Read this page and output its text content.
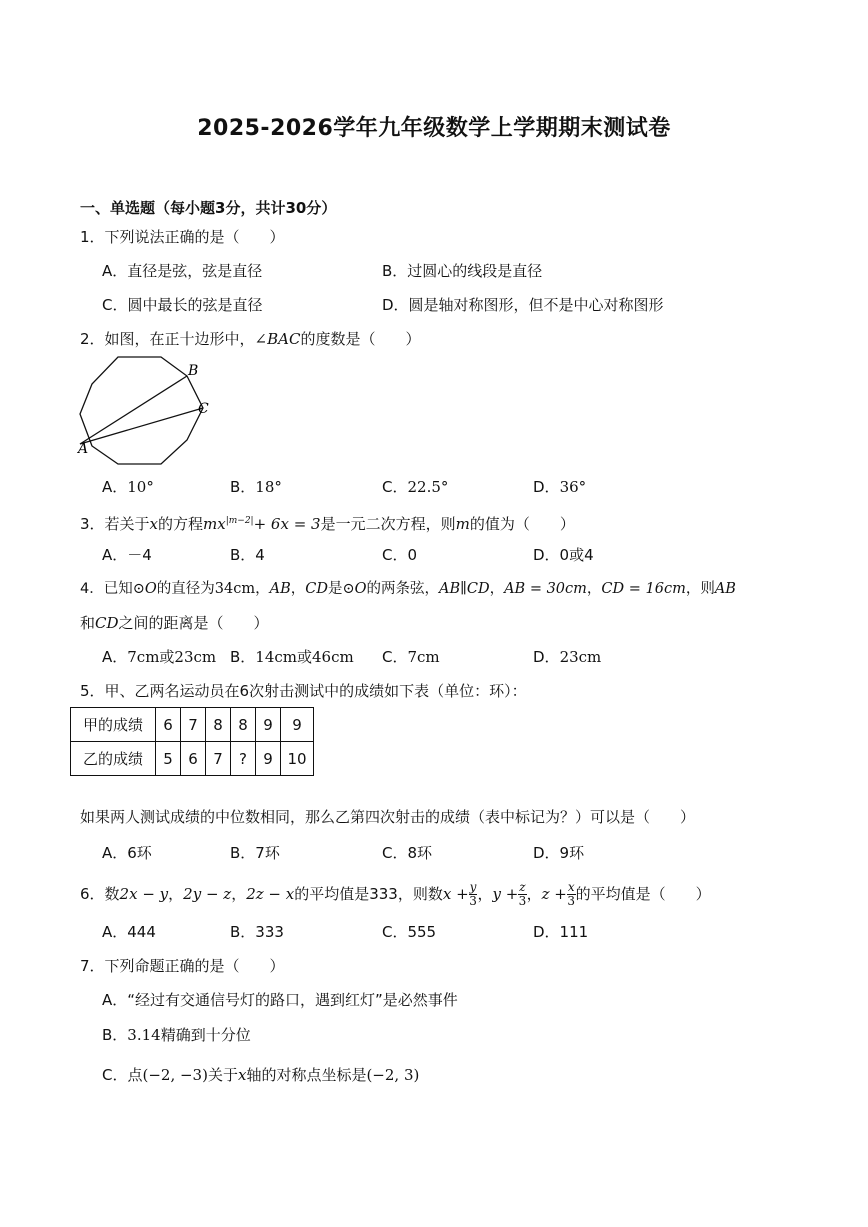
2025-2026学年九年级数学上学期期末测试卷
一、单选题（每小题3分，共计30分）
1．下列说法正确的是（　　）
A．直径是弦，弦是直径	B．过圆心的线段是直径
C．圆中最长的弦是直径	D．圆是轴对称图形，但不是中心对称图形
2．如图，在正十边形中，∠BAC的度数是（　　）
B
C
A
A．10°	B．18°	C．22.5°	D．36°
3．若关于x的方程$mx^{|m-2|}+ 6x = 3$是一元二次方程，则m的值为（　　）
A．－4	B．4	C．0	D．0或4
4．已知⊙O的直径为34cm，AB，CD是⊙O的两条弦，AB∥CD，AB = 30cm，CD = 16cm，则AB
和CD之间的距离是（　　）
A．7cm或23cm B．14cm或46cm C．7cm	D．23cm
5．甲、乙两名运动员在6次射击测试中的成绩如下表（单位：环）：
甲的成绩	6	7	8	8	9	9
乙的成绩	5	6	7	?	9	10
如果两人测试成绩的中位数相同，那么乙第四次射击的成绩（表中标记为？）可以是（　　）
A．6环	B．7环	C．8环	D．9环
6．数2x − y，2y − z，2z − x的平均值是333，则数$x + \frac{y}{3}$ ，$y + \frac{z}{3}$ ，$z + \frac{x}{3}$ 的平均值是（　　）
A．444	B．333	C．555	D．111
7．下列命题正确的是（　　）
A．“经过有交通信号灯的路口，遇到红灯”是必然事件
B．3.14精确到十分位
C．点(−2, −3)关于x轴的对称点坐标是(−2, 3)
